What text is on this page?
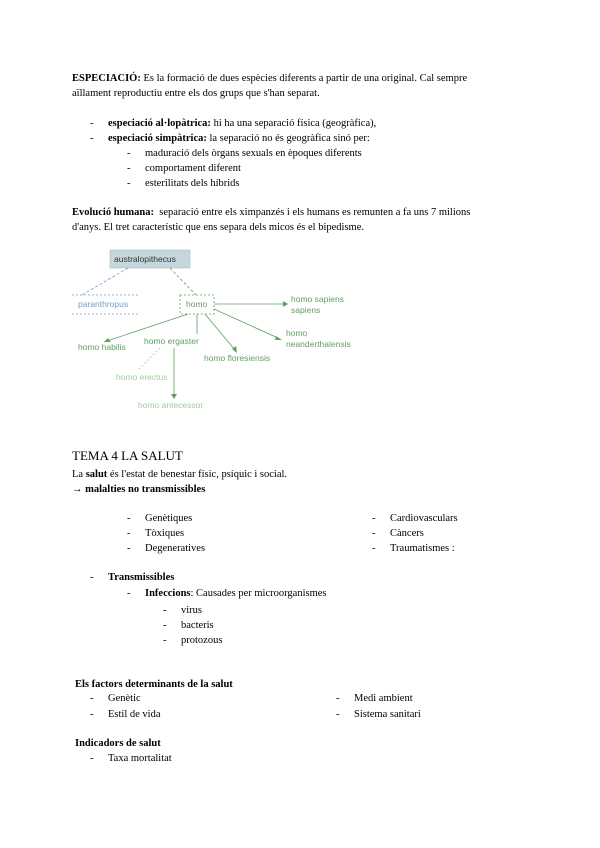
ESPECIACIÓ: Es la formació de dues espècies diferents a partir de una original. Cal sempre
aïllament reproductiu entre els dos grups que s'han separat.
- especiació al·lopàtrica: hi ha una separació física (geogràfica),
- especiació simpàtrica: la separació no és geogràfica sinó per:
- maduració dels òrgans sexuals en èpoques diferents
- comportament diferent
- esterilitats dels híbrids
Evolució humana: separació entre els ximpanzés i els humans es remunten a fa uns 7 milions
d'anys. El tret característic que ens separa dels micos és el bipedisme.
australopithecus
paranthropus	homo	homo sapiens
sapiens
homo
neanderthalensis
homo habilis
homo ergaster
homo floresiensis
homo erectus
homo antecessor
TEMA 4 LA SALUT
La salut és l'estat de benestar físic, psíquic i social.
→ malalties no transmissibles
- Genètiques
- Tòxiques
- Degeneratives
- Cardiovasculars
- Càncers
- Traumatismes :
- Transmissibles
- Infeccions: Causades per microorganismes
- virus
- bacteris
- protozous
Els factors determinants de la salut
- Genètic
- Estil de vida
- Medi ambient
- Sistema sanitari
Indicadors de salut
- Taxa mortalitat
